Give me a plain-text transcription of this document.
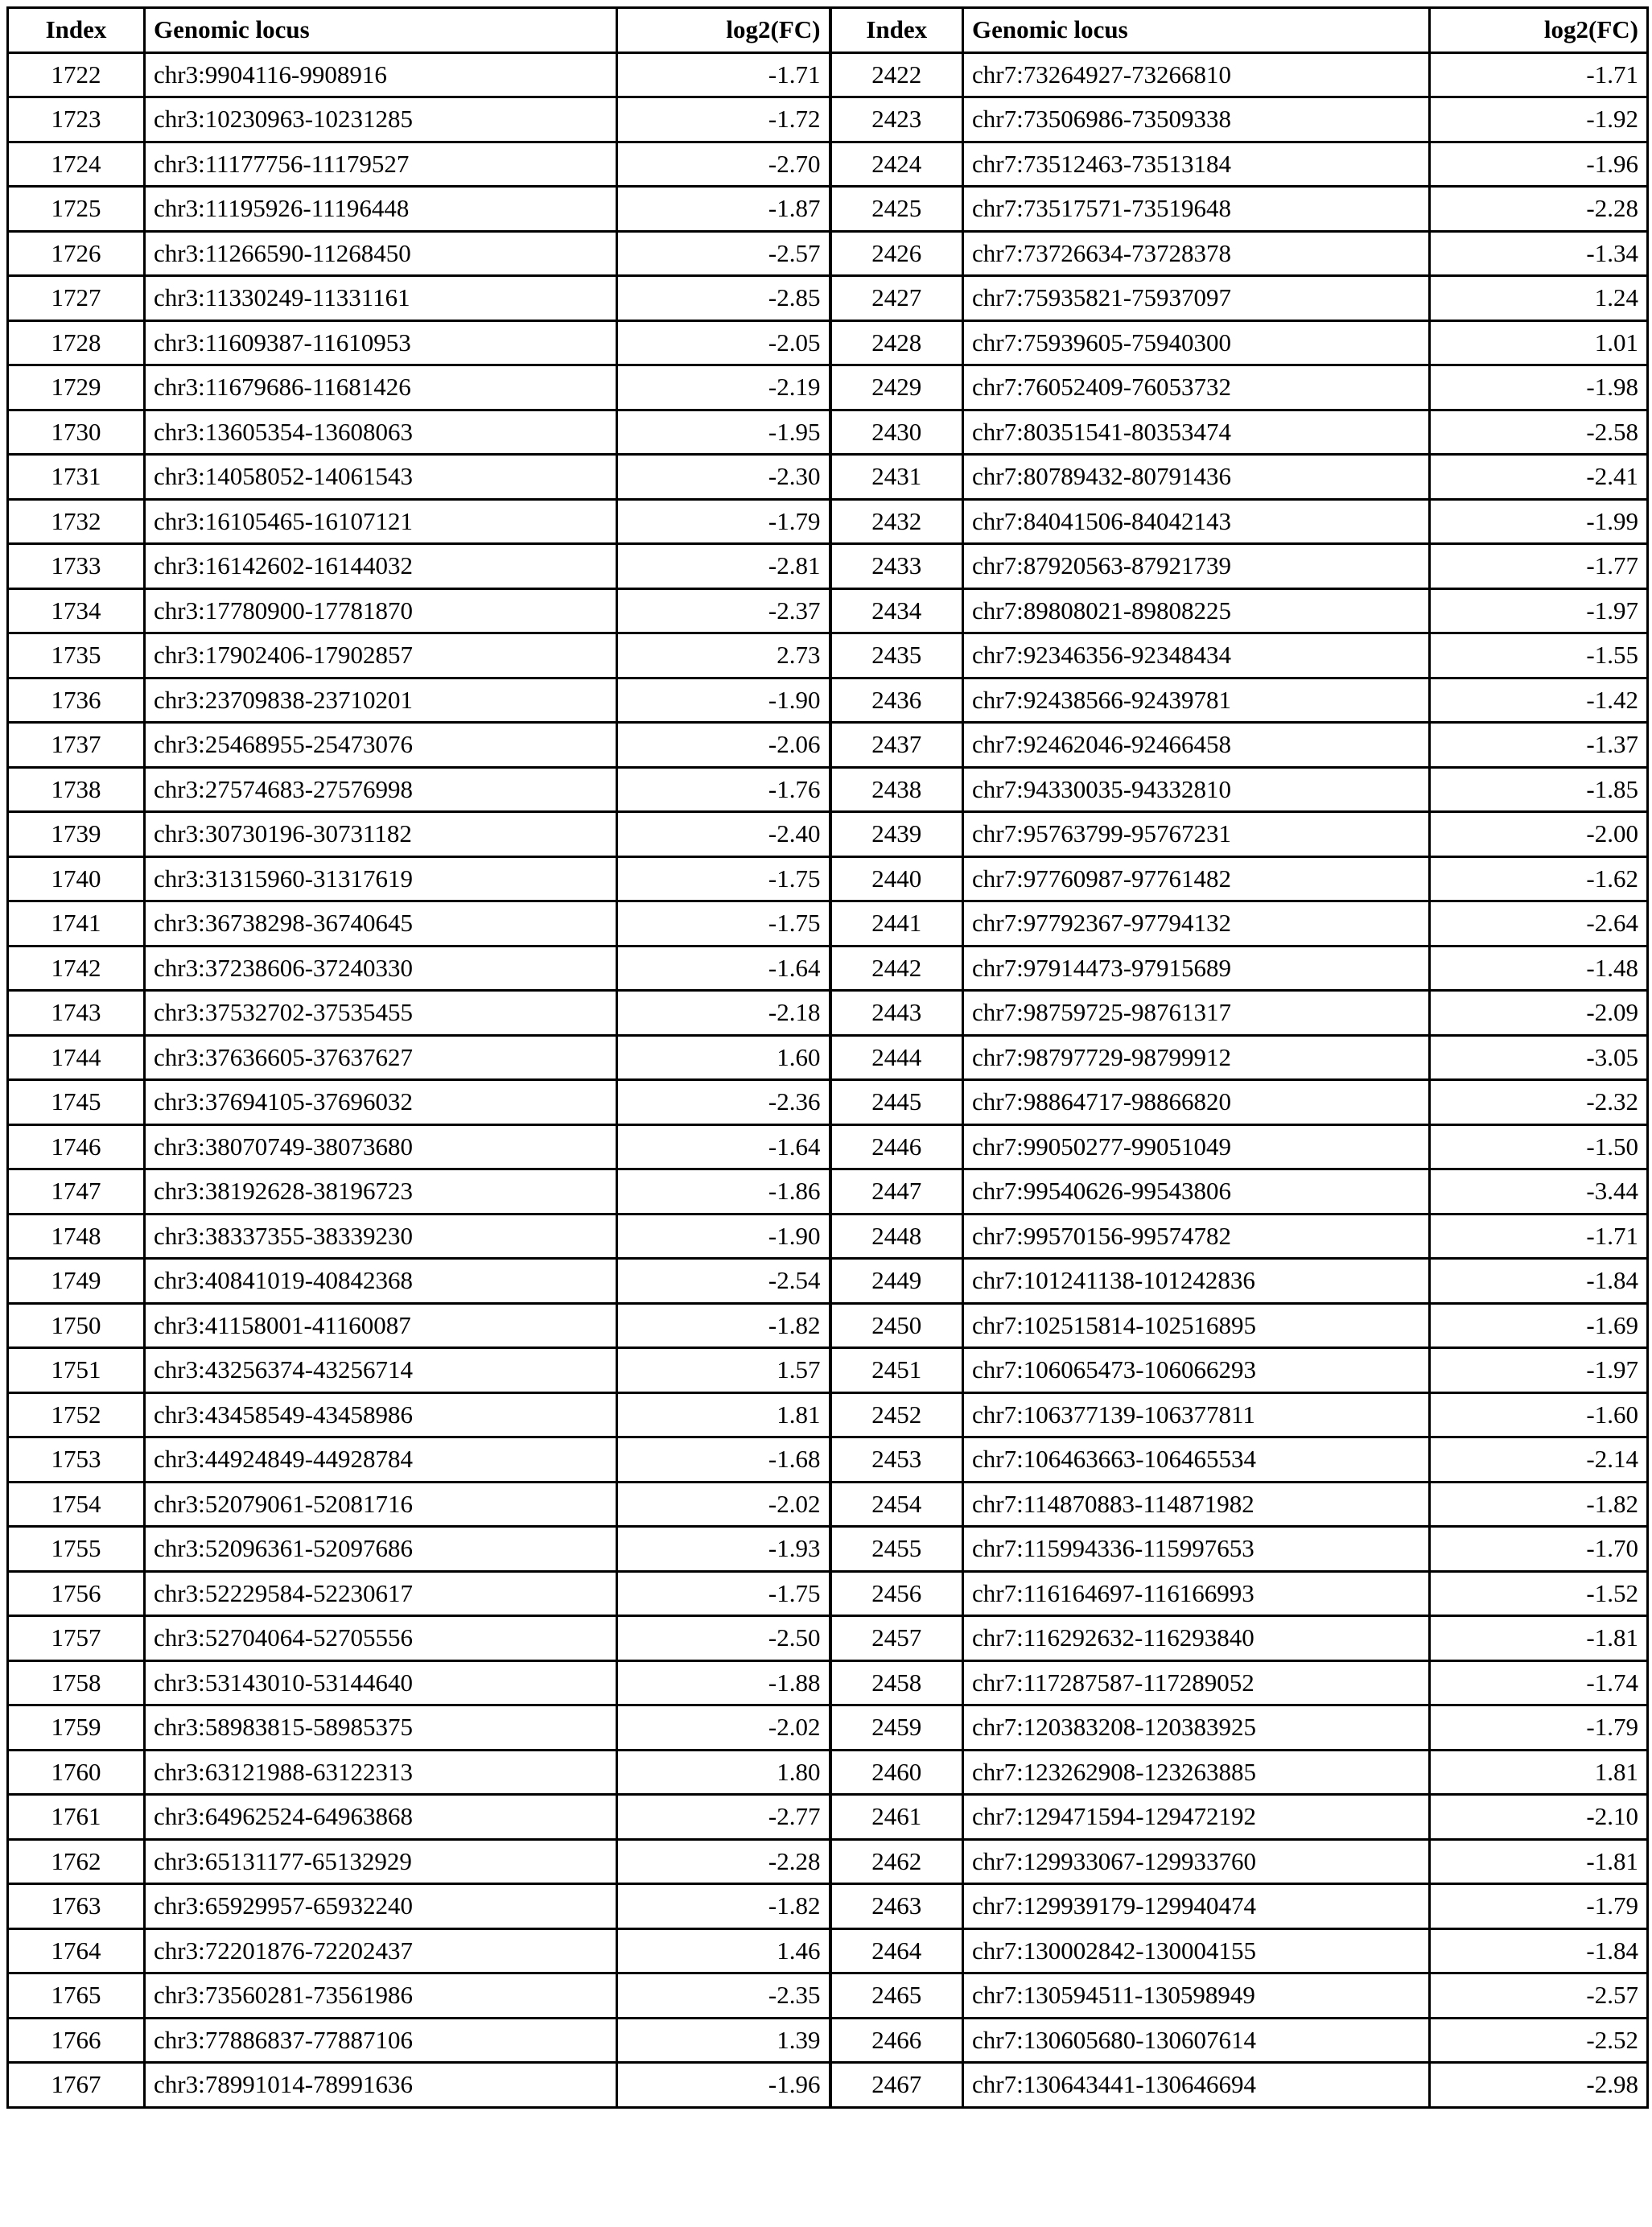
Index	Genomic locus	log2(FC)	Index	Genomic locus	log2(FC)
1722	chr3:9904116-9908916	-1.71	2422	chr7:73264927-73266810	-1.71
1723	chr3:10230963-10231285	-1.72	2423	chr7:73506986-73509338	-1.92
1724	chr3:11177756-11179527	-2.70	2424	chr7:73512463-73513184	-1.96
1725	chr3:11195926-11196448	-1.87	2425	chr7:73517571-73519648	-2.28
1726	chr3:11266590-11268450	-2.57	2426	chr7:73726634-73728378	-1.34
1727	chr3:11330249-11331161	-2.85	2427	chr7:75935821-75937097	1.24
1728	chr3:11609387-11610953	-2.05	2428	chr7:75939605-75940300	1.01
1729	chr3:11679686-11681426	-2.19	2429	chr7:76052409-76053732	-1.98
1730	chr3:13605354-13608063	-1.95	2430	chr7:80351541-80353474	-2.58
1731	chr3:14058052-14061543	-2.30	2431	chr7:80789432-80791436	-2.41
1732	chr3:16105465-16107121	-1.79	2432	chr7:84041506-84042143	-1.99
1733	chr3:16142602-16144032	-2.81	2433	chr7:87920563-87921739	-1.77
1734	chr3:17780900-17781870	-2.37	2434	chr7:89808021-89808225	-1.97
1735	chr3:17902406-17902857	2.73	2435	chr7:92346356-92348434	-1.55
1736	chr3:23709838-23710201	-1.90	2436	chr7:92438566-92439781	-1.42
1737	chr3:25468955-25473076	-2.06	2437	chr7:92462046-92466458	-1.37
1738	chr3:27574683-27576998	-1.76	2438	chr7:94330035-94332810	-1.85
1739	chr3:30730196-30731182	-2.40	2439	chr7:95763799-95767231	-2.00
1740	chr3:31315960-31317619	-1.75	2440	chr7:97760987-97761482	-1.62
1741	chr3:36738298-36740645	-1.75	2441	chr7:97792367-97794132	-2.64
1742	chr3:37238606-37240330	-1.64	2442	chr7:97914473-97915689	-1.48
1743	chr3:37532702-37535455	-2.18	2443	chr7:98759725-98761317	-2.09
1744	chr3:37636605-37637627	1.60	2444	chr7:98797729-98799912	-3.05
1745	chr3:37694105-37696032	-2.36	2445	chr7:98864717-98866820	-2.32
1746	chr3:38070749-38073680	-1.64	2446	chr7:99050277-99051049	-1.50
1747	chr3:38192628-38196723	-1.86	2447	chr7:99540626-99543806	-3.44
1748	chr3:38337355-38339230	-1.90	2448	chr7:99570156-99574782	-1.71
1749	chr3:40841019-40842368	-2.54	2449	chr7:101241138-101242836	-1.84
1750	chr3:41158001-41160087	-1.82	2450	chr7:102515814-102516895	-1.69
1751	chr3:43256374-43256714	1.57	2451	chr7:106065473-106066293	-1.97
1752	chr3:43458549-43458986	1.81	2452	chr7:106377139-106377811	-1.60
1753	chr3:44924849-44928784	-1.68	2453	chr7:106463663-106465534	-2.14
1754	chr3:52079061-52081716	-2.02	2454	chr7:114870883-114871982	-1.82
1755	chr3:52096361-52097686	-1.93	2455	chr7:115994336-115997653	-1.70
1756	chr3:52229584-52230617	-1.75	2456	chr7:116164697-116166993	-1.52
1757	chr3:52704064-52705556	-2.50	2457	chr7:116292632-116293840	-1.81
1758	chr3:53143010-53144640	-1.88	2458	chr7:117287587-117289052	-1.74
1759	chr3:58983815-58985375	-2.02	2459	chr7:120383208-120383925	-1.79
1760	chr3:63121988-63122313	1.80	2460	chr7:123262908-123263885	1.81
1761	chr3:64962524-64963868	-2.77	2461	chr7:129471594-129472192	-2.10
1762	chr3:65131177-65132929	-2.28	2462	chr7:129933067-129933760	-1.81
1763	chr3:65929957-65932240	-1.82	2463	chr7:129939179-129940474	-1.79
1764	chr3:72201876-72202437	1.46	2464	chr7:130002842-130004155	-1.84
1765	chr3:73560281-73561986	-2.35	2465	chr7:130594511-130598949	-2.57
1766	chr3:77886837-77887106	1.39	2466	chr7:130605680-130607614	-2.52
1767	chr3:78991014-78991636	-1.96	2467	chr7:130643441-130646694	-2.98
